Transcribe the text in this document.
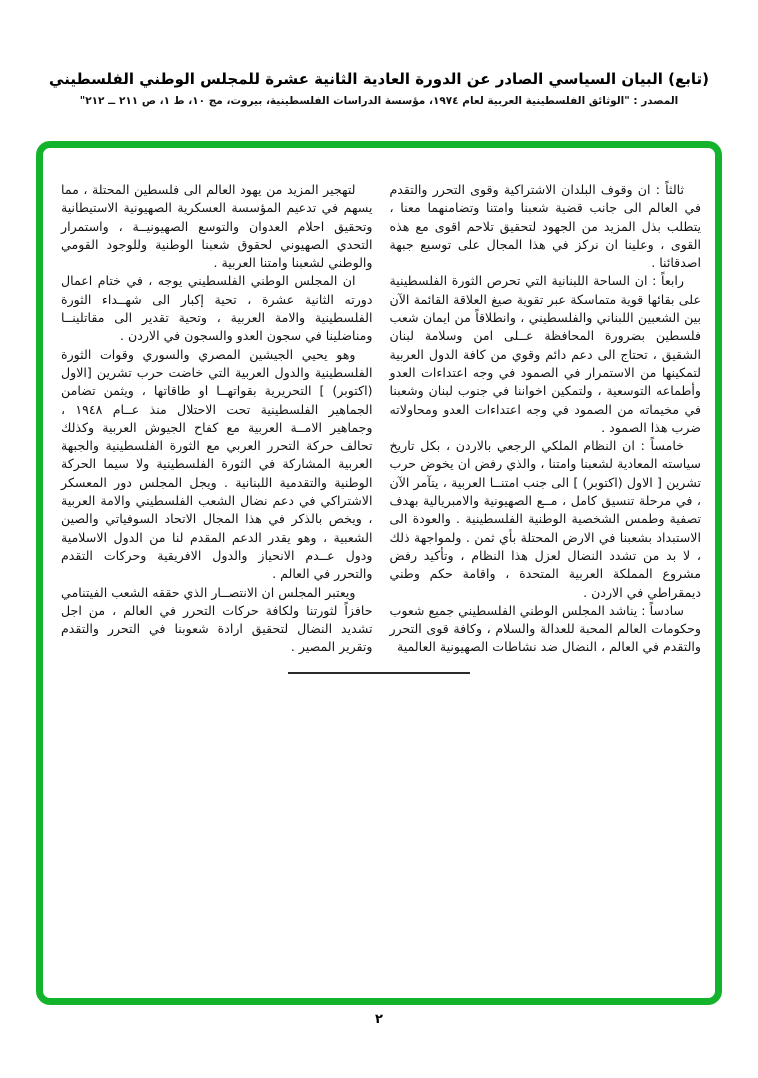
(تابع) البيان السياسي الصادر عن الدورة العادية الثانية عشرة للمجلس الوطني الفلسطيني
المصدر : "الوثائق الفلسطينية العربية لعام ١٩٧٤، مؤسسة الدراسات الفلسطينية، بيروت، مج ١٠، ط ١، ص ٢١١ ــ ٢١٢"

ثالثاً : ان وقوف البلدان الاشتراكية وقوى التحرر والتقدم في العالم الى جانب قضية شعبنا وامتنا وتضامنهما معنا ، يتطلب بذل المزيد من الجهود لتحقيق تلاحم اقوى مع هذه القوى ، وعلينا ان نركز في هذا المجال على توسيع جبهة اصدقائنا .

رابعاً : ان الساحة اللبنانية التي تحرص الثورة الفلسطينية على بقائها قوية متماسكة عبر تقوية صيغ العلاقة القائمة الآن بين الشعبين اللبناني والفلسطيني ، وانطلاقاً من ايمان شعب فلسطين بضرورة المحافظة عــلى امن وسلامة لبنان الشقيق ، تحتاج الى دعم دائم وقوي من كافة الدول العربية لتمكينها من الاستمرار في الصمود في وجه اعتداءات العدو وأطماعه التوسعية ، ولتمكين اخواننا في جنوب لبنان وشعبنا في مخيماته من الصمود في وجه اعتداءات العدو ومحاولاته ضرب هذا الصمود .

خامساً : ان النظام الملكي الرجعي بالاردن ، بكل تاريخ سياسته المعادية لشعبنا وامتنا ، والذي رفض ان يخوض حرب تشرين [ الاول (اكتوبر) ] الى جنب امتنــا العربية ، يتآمر الآن ، في مرحلة تنسيق كامل ، مــع الصهيونية والامبريالية بهدف تصفية وطمس الشخصية الوطنية الفلسطينية . والعودة الى الاستبداد بشعبنا في الارض المحتلة بأي ثمن . ولمواجهة ذلك ، لا بد من تشدد النضال لعزل هذا النظام ، وتأكيد رفض مشروع المملكة العربية المتحدة ، واقامة حكم وطني ديمقراطي في الاردن .

سادساً : يناشد المجلس الوطني الفلسطيني جميع شعوب وحكومات العالم المحبة للعدالة والسلام ، وكافة قوى التحرر والتقدم في العالم ، النضال ضد نشاطات الصهيونية العالمية

لتهجير المزيد من يهود العالم الى فلسطين المحتلة ، مما يسهم في تدعيم المؤسسة العسكرية الصهيونية الاستيطانية وتحقيق احلام العدوان والتوسع الصهيونيــة ، واستمرار التحدي الصهيوني لحقوق شعبنا الوطنية وللوجود القومي والوطني لشعبنا وامتنا العربية .

ان المجلس الوطني الفلسطيني يوجه ، في ختام اعمال دورته الثانية عشرة ، تحية إكبار الى شهــداء الثورة الفلسطينية والامة العربية ، وتحية تقدير الى مقاتلينــا ومناضلينا في سجون العدو والسجون في الاردن .

وهو يحيي الجيشين المصري والسوري وقوات الثورة الفلسطينية والدول العربية التي خاضت حرب تشرين [الاول (اكتوبر) ] التحريرية بقواتهــا او طاقاتها ، ويثمن تضامن الجماهير الفلسطينية تحت الاحتلال منذ عــام ١٩٤٨ ، وجماهير الامــة العربية مع كفاح الجيوش العربية وكذلك تحالف حركة التحرر العربي مع الثورة الفلسطينية والجبهة العربية المشاركة في الثورة الفلسطينية ولا سيما الحركة الوطنية والتقدمية اللبنانية . ويجل المجلس دور المعسكر الاشتراكي في دعم نضال الشعب الفلسطيني والامة العربية ، ويخص بالذكر في هذا المجال الاتحاد السوفياتي والصين الشعبية ، وهو يقدر الدعم المقدم لنا من الدول الاسلامية ودول عــدم الانحياز والدول الافريقية وحركات التقدم والتحرر في العالم .

ويعتبر المجلس ان الانتصــار الذي حققه الشعب الفيتنامي حافزاً لثورتنا ولكافة حركات التحرر في العالم ، من اجل تشديد النضال لتحقيق ارادة شعوبنا في التحرر والتقدم وتقرير المصير .

٢
